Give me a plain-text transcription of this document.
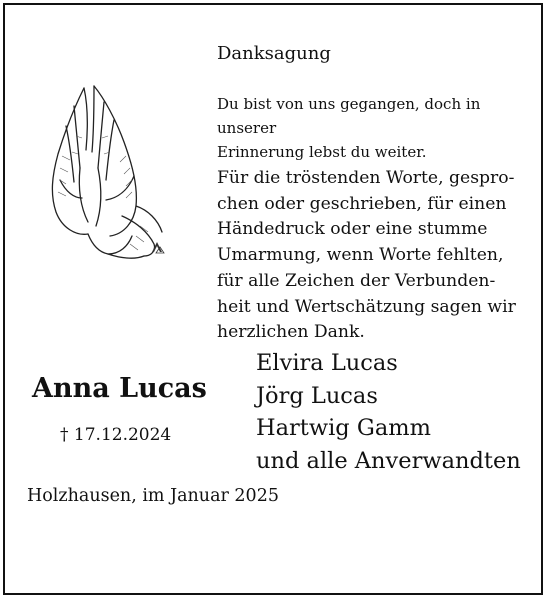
Danksagung

Du bist von uns gegangen, doch in unserer
Erinnerung lebst du weiter.

Für die tröstenden Worte, gespro-
chen oder geschrieben, für einen
Händedruck oder eine stumme
Umarmung, wenn Worte fehlten,
für alle Zeichen der Verbunden-
heit und Wertschätzung sagen wir
herzlichen Dank.

Anna Lucas
† 17.12.2024
Elvira Lucas
Jörg Lucas
Hartwig Gamm
und alle Anverwandten
Holzhausen, im Januar 2025
